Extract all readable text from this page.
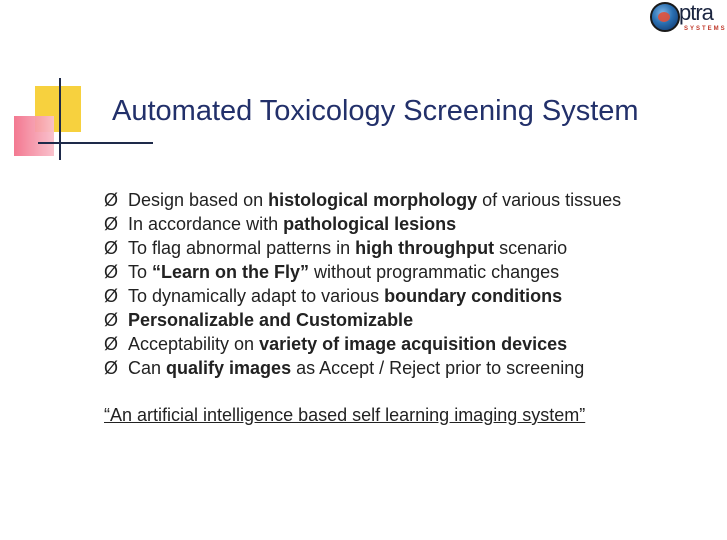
Automated Toxicology Screening System
ptra
SYSTEMS
Ø Design based on histological morphology of various tissues
Ø In accordance with pathological lesions
Ø To flag abnormal patterns in high throughput scenario
Ø To “Learn on the Fly” without programmatic changes
Ø To dynamically adapt to various boundary conditions
Ø Personalizable and Customizable
Ø Acceptability on variety of image acquisition devices
Ø Can qualify images as Accept / Reject prior to screening
“An artificial intelligence based self learning imaging system”
